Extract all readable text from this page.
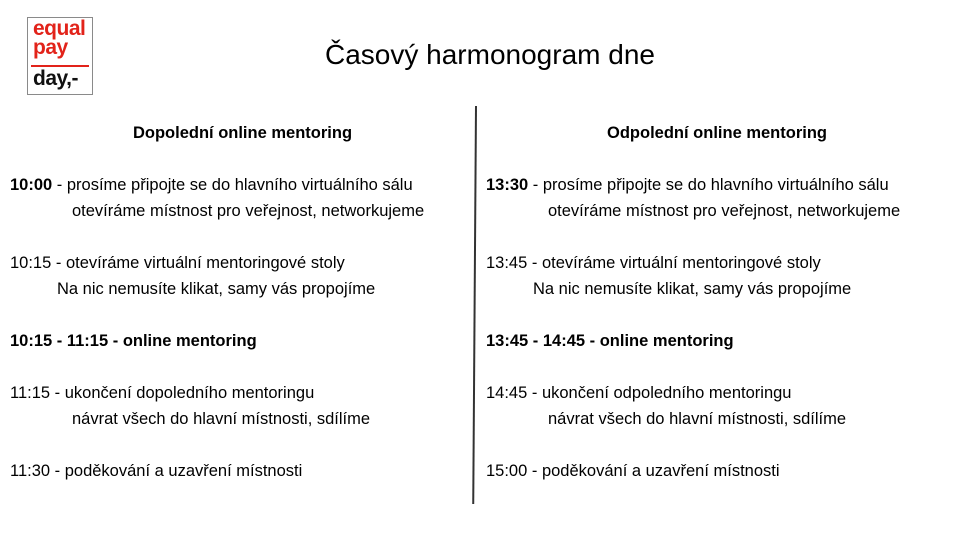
equal
pay
day,-
Časový harmonogram dne
Dopolední online mentoring
10:00 - prosíme připojte se do hlavního virtuálního sálu
otevíráme místnost pro veřejnost, networkujeme
10:15 - otevíráme virtuální mentoringové stoly
Na nic nemusíte klikat, samy vás propojíme
10:15 - 11:15 - online mentoring
11:15 - ukončení dopoledního mentoringu
návrat všech do hlavní místnosti, sdílíme
11:30 - poděkování a uzavření místnosti
Odpolední online mentoring
13:30 - prosíme připojte se do hlavního virtuálního sálu
otevíráme místnost pro veřejnost, networkujeme
13:45 - otevíráme virtuální mentoringové stoly
Na nic nemusíte klikat, samy vás propojíme
13:45 - 14:45 - online mentoring
14:45 - ukončení odpoledního mentoringu
návrat všech do hlavní místnosti, sdílíme
15:00 - poděkování a uzavření místnosti
